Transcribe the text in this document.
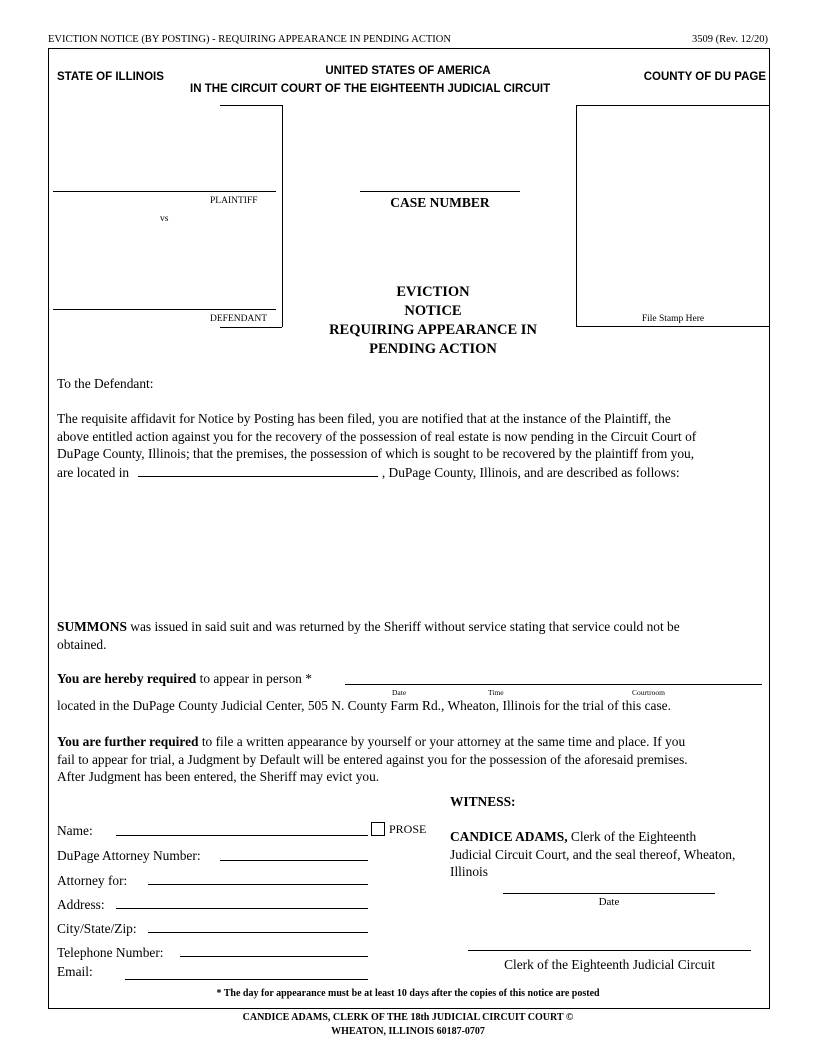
EVICTION NOTICE (BY POSTING) - REQUIRING APPEARANCE IN PENDING ACTION	3509 (Rev. 12/20)
STATE OF ILLINOIS	UNITED STATES OF AMERICA
IN THE CIRCUIT COURT OF THE EIGHTEENTH JUDICIAL CIRCUIT
COUNTY OF DU PAGE
PLAINTIFF
vs
DEFENDANT
CASE NUMBER
File Stamp Here
EVICTION
NOTICE
REQUIRING APPEARANCE IN
PENDING ACTION
To the Defendant:
The requisite affidavit for Notice by Posting has been filed, you are notified that at the instance of the Plaintiff, the
above entitled action against you for the recovery of the possession of real estate is now pending in the Circuit Court of
DuPage County, Illinois; that the premises, the possession of which is sought to be recovered by the plaintiff from you,
are located in	, DuPage County, Illinois, and are described as follows:
SUMMONS was issued in said suit and was returned by the Sheriff without service stating that service could not be
obtained.
You are hereby required to appear in person *
Date	Time	Courtroom
located in the DuPage County Judicial Center, 505 N. County Farm Rd., Wheaton, Illinois for the trial of this case.
You are further required to file a written appearance by yourself or your attorney at the same time and place. If you
fail to appear for trial, a Judgment by Default will be entered against you for the possession of the aforesaid premises.
After Judgment has been entered, the Sheriff may evict you.
Name:	PROSE
DuPage Attorney Number:
Attorney for:
Address:
City/State/Zip:
Telephone Number:
Email:
WITNESS:
CANDICE ADAMS, Clerk of the Eighteenth
Judicial Circuit Court, and the seal thereof, Wheaton,
Illinois
Date
Clerk of the Eighteenth Judicial Circuit
* The day for appearance must be at least 10 days after the copies of this notice are posted
CANDICE ADAMS, CLERK OF THE 18th JUDICIAL CIRCUIT COURT ©
WHEATON, ILLINOIS 60187-0707
